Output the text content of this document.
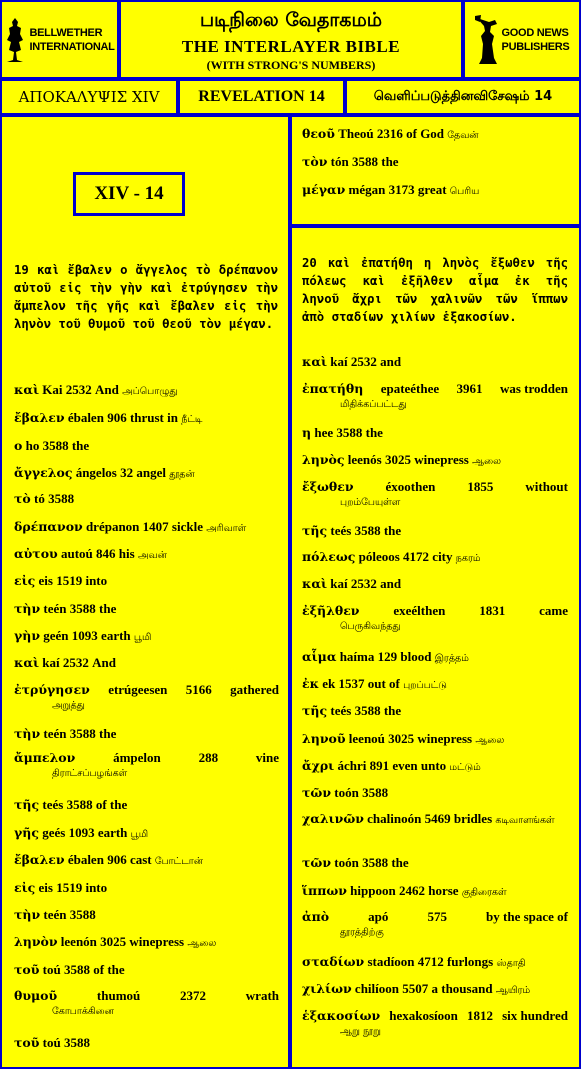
BELLWETHER
INTERNATIONAL
படிநிலை வேதாகமம்
THE INTERLAYER BIBLE
(WITH STRONG'S NUMBERS)
GOOD NEWS
PUBLISHERS
ΑΠΟΚΑΛΥΨΙΣ XIV REVELATION 14	வெளிப்படுத்தினவிசேஷம் 14
XIV - 14
19 καὶ ἔβαλεν ο ἄγγελος τὸ δρέπανον αὐτοῦ εἰς τὴν γὴν καὶ ἐτρύγησεν τὴν ἄμπελον τῆς γῆς καὶ ἔβαλεν εἰς τὴν ληνὸν τοῦ θυμοῦ τοῦ θεοῦ τὸν μέγαν.
καὶ Kai 2532 And அப்பொழுது
ἔβαλεν ébalen 906 thrust in நீட்டி
ο ho 3588 the
ἄγγελος ángelos 32 angel தூதன்
τὸ tó 3588
δρέπανον drépanon 1407 sickle அரிவாள்
αὐτου autoú 846 his அவன்
εἰς eis 1519 into
τὴν teén 3588 the
γὴν geén 1093 earth பூமி
καὶ kaí 2532 And
ἐτρύγησεν etrúgeesen 5166 gathered
அறுத்து
τὴν teén 3588 the
ἄμπελον	ámpelon	288	vine
திராட்சப்பழங்கள்
τῆς teés 3588 of the
γῆς geés 1093 earth பூமி
ἔβαλεν ébalen 906 cast போட்டான்
εἰς eis 1519 into
τὴν teén 3588
ληνὸν leenón 3025 winepress ஆலை
τοῦ toú 3588 of the
θυμοῦ	thumoú	2372	wrath
கோபாக்கினை
τοῦ toú 3588
θεοῦ Theoú 2316 of God தேவன்
τὸν tón 3588 the
μέγαν mégan 3173 great பெரிய
20 καὶ ἐπατήθη η ληνὸς ἔξωθεν τῆς πόλεως καὶ ἐξῆλθεν αἷμα ἐκ τῆς ληνοῦ ἄχρι τῶν χαλινῶν τῶν ἵππων ἀπὸ σταδίων χιλίων ἑξακοσίων.
καὶ kaí 2532 and
ἐπατήθη epateéthee 3961 was trodden
மிதிக்கப்பட்டது
η hee 3588 the
ληνὸς leenós 3025 winepress ஆலை
ἔξωθεν éxoothen 1855 without
புறம்பேயுள்ள
τῆς teés 3588 the
πόλεως póleoos 4172 city நகரம்
καὶ kaí 2532 and
ἐξῆλθεν	exeélthen	1831	came
பெருகிவந்தது
αἷμα haíma 129 blood இரத்தம்
ἐκ ek 1537 out of புறப்பட்டு
τῆς teés 3588 the
ληνοῦ leenoú 3025 winepress ஆலை
ἄχρι áchri 891 even unto மட்டும்
τῶν toón 3588
χαλινῶν chalinoón 5469 bridles கடிவாளங்கள்
τῶν toón 3588 the
ἵππων hippoon 2462 horse குதிரைகள்
ἀπὸ	apó	575	by the space of
தூரத்திற்கு
σταδίων stadíoon 4712 furlongs ஸ்தாதி
χιλίων chilíoon 5507 a thousand ஆயிரம்
ἑξακοσίων hexakosíoon 1812 six hundred
ஆறு நூறு
